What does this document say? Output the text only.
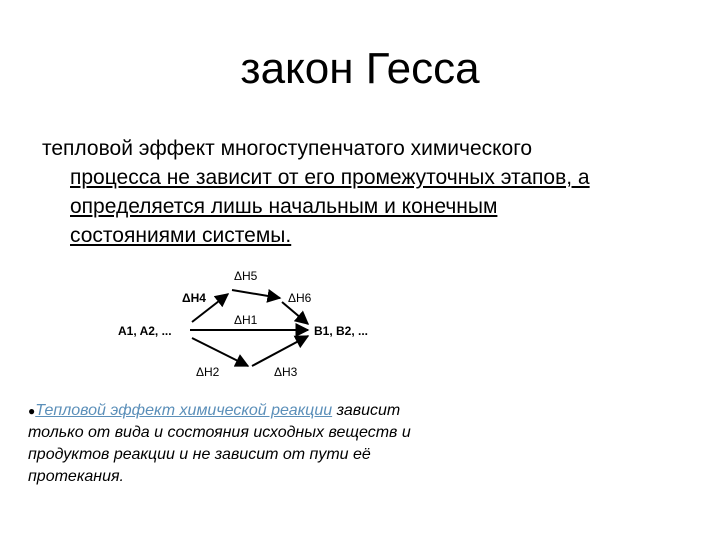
закон Гесса
тепловой эффект многоступенчатого химического
процесса не зависит от его промежуточных этапов, а
определяется лишь начальным и конечным
состояниями системы.
A1, A2, ...	B1, B2, ...
ΔH1
ΔH2	ΔH3
ΔH4
ΔH5
ΔH6
●Тепловой эффект химической реакции зависит
только от вида и состояния исходных веществ и
продуктов реакции и не зависит от пути её
протекания.
